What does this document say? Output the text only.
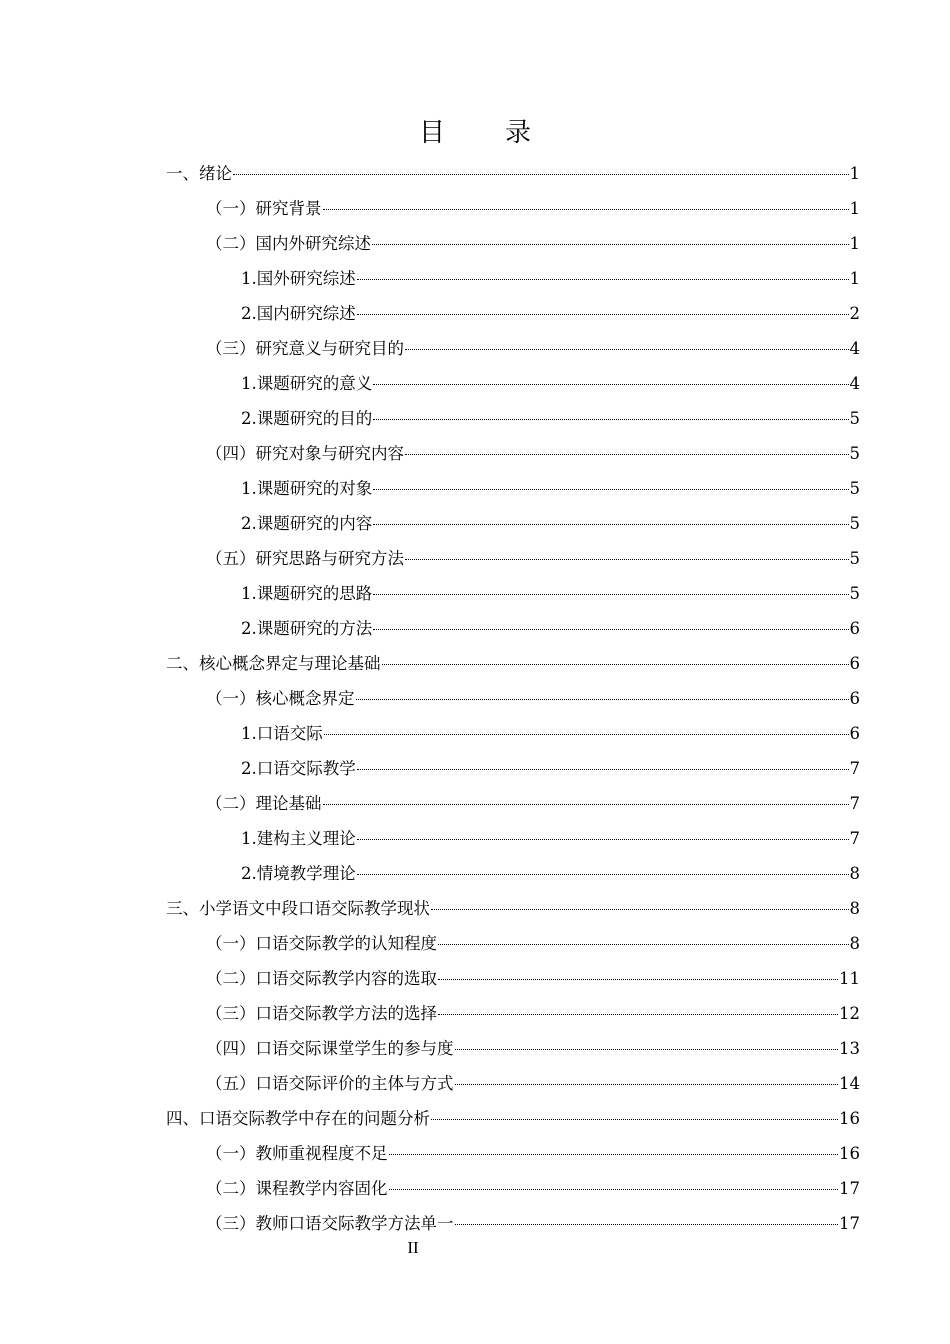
目 录
一、绪论	1
（一）研究背景	1
（二）国内外研究综述	1
1.国外研究综述	1
2.国内研究综述	2
（三）研究意义与研究目的	4
1.课题研究的意义	4
2.课题研究的目的	5
（四）研究对象与研究内容	5
1.课题研究的对象	5
2.课题研究的内容	5
（五）研究思路与研究方法	5
1.课题研究的思路	5
2.课题研究的方法	6
二、核心概念界定与理论基础	6
（一）核心概念界定	6
1.口语交际	6
2.口语交际教学	7
（二）理论基础	7
1.建构主义理论	7
2.情境教学理论	8
三、小学语文中段口语交际教学现状	8
（一）口语交际教学的认知程度	8
（二）口语交际教学内容的选取	11
（三）口语交际教学方法的选择	12
（四）口语交际课堂学生的参与度	13
（五）口语交际评价的主体与方式	14
四、口语交际教学中存在的问题分析	16
（一）教师重视程度不足	16
（二）课程教学内容固化	17
（三）教师口语交际教学方法单一	17
II
